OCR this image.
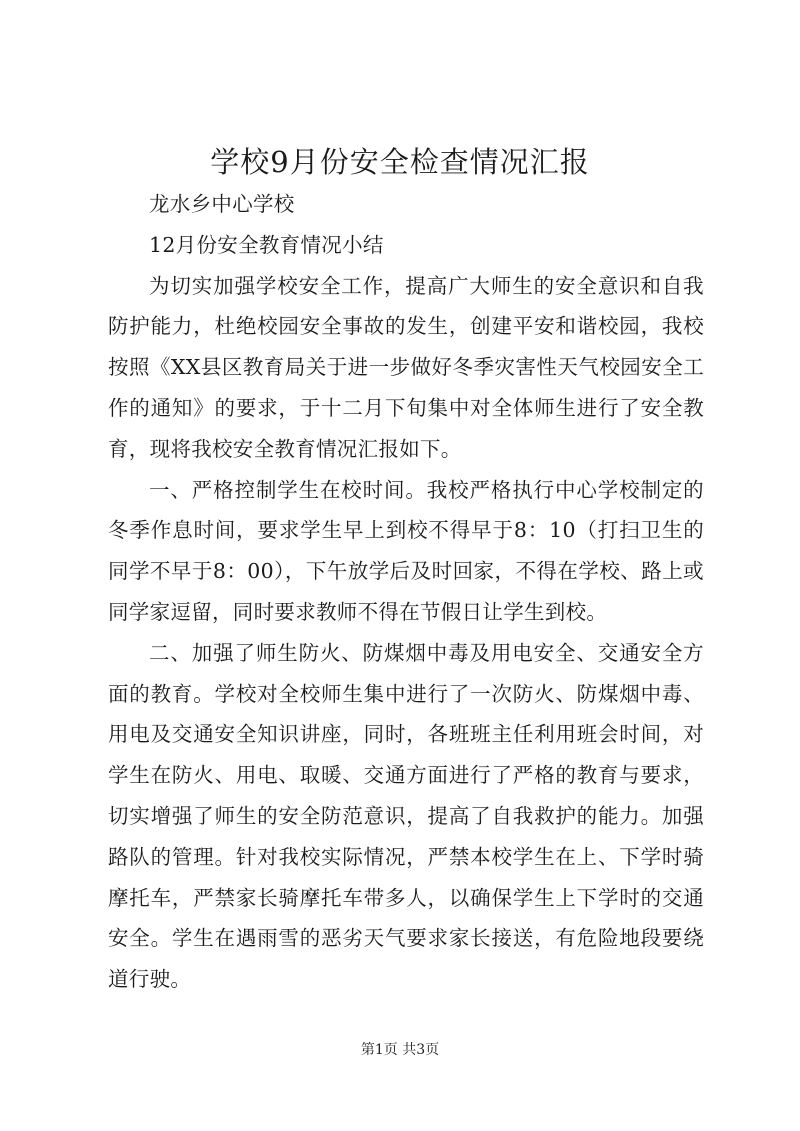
学校9月份安全检查情况汇报

龙水乡中心学校

12月份安全教育情况小结

为切实加强学校安全工作，提高广大师生的安全意识和自我防护能力，杜绝校园安全事故的发生，创建平安和谐校园，我校按照《XX县区教育局关于进一步做好冬季灾害性天气校园安全工作的通知》的要求，于十二月下旬集中对全体师生进行了安全教育，现将我校安全教育情况汇报如下。

一、严格控制学生在校时间。我校严格执行中心学校制定的冬季作息时间，要求学生早上到校不得早于8：10（打扫卫生的同学不早于8：00），下午放学后及时回家，不得在学校、路上或同学家逗留，同时要求教师不得在节假日让学生到校。

二、加强了师生防火、防煤烟中毒及用电安全、交通安全方面的教育。学校对全校师生集中进行了一次防火、防煤烟中毒、用电及交通安全知识讲座，同时，各班班主任利用班会时间，对学生在防火、用电、取暖、交通方面进行了严格的教育与要求，切实增强了师生的安全防范意识，提高了自我救护的能力。加强路队的管理。针对我校实际情况，严禁本校学生在上、下学时骑摩托车，严禁家长骑摩托车带多人，以确保学生上下学时的交通安全。学生在遇雨雪的恶劣天气要求家长接送，有危险地段要绕道行驶。

第1页 共3页
